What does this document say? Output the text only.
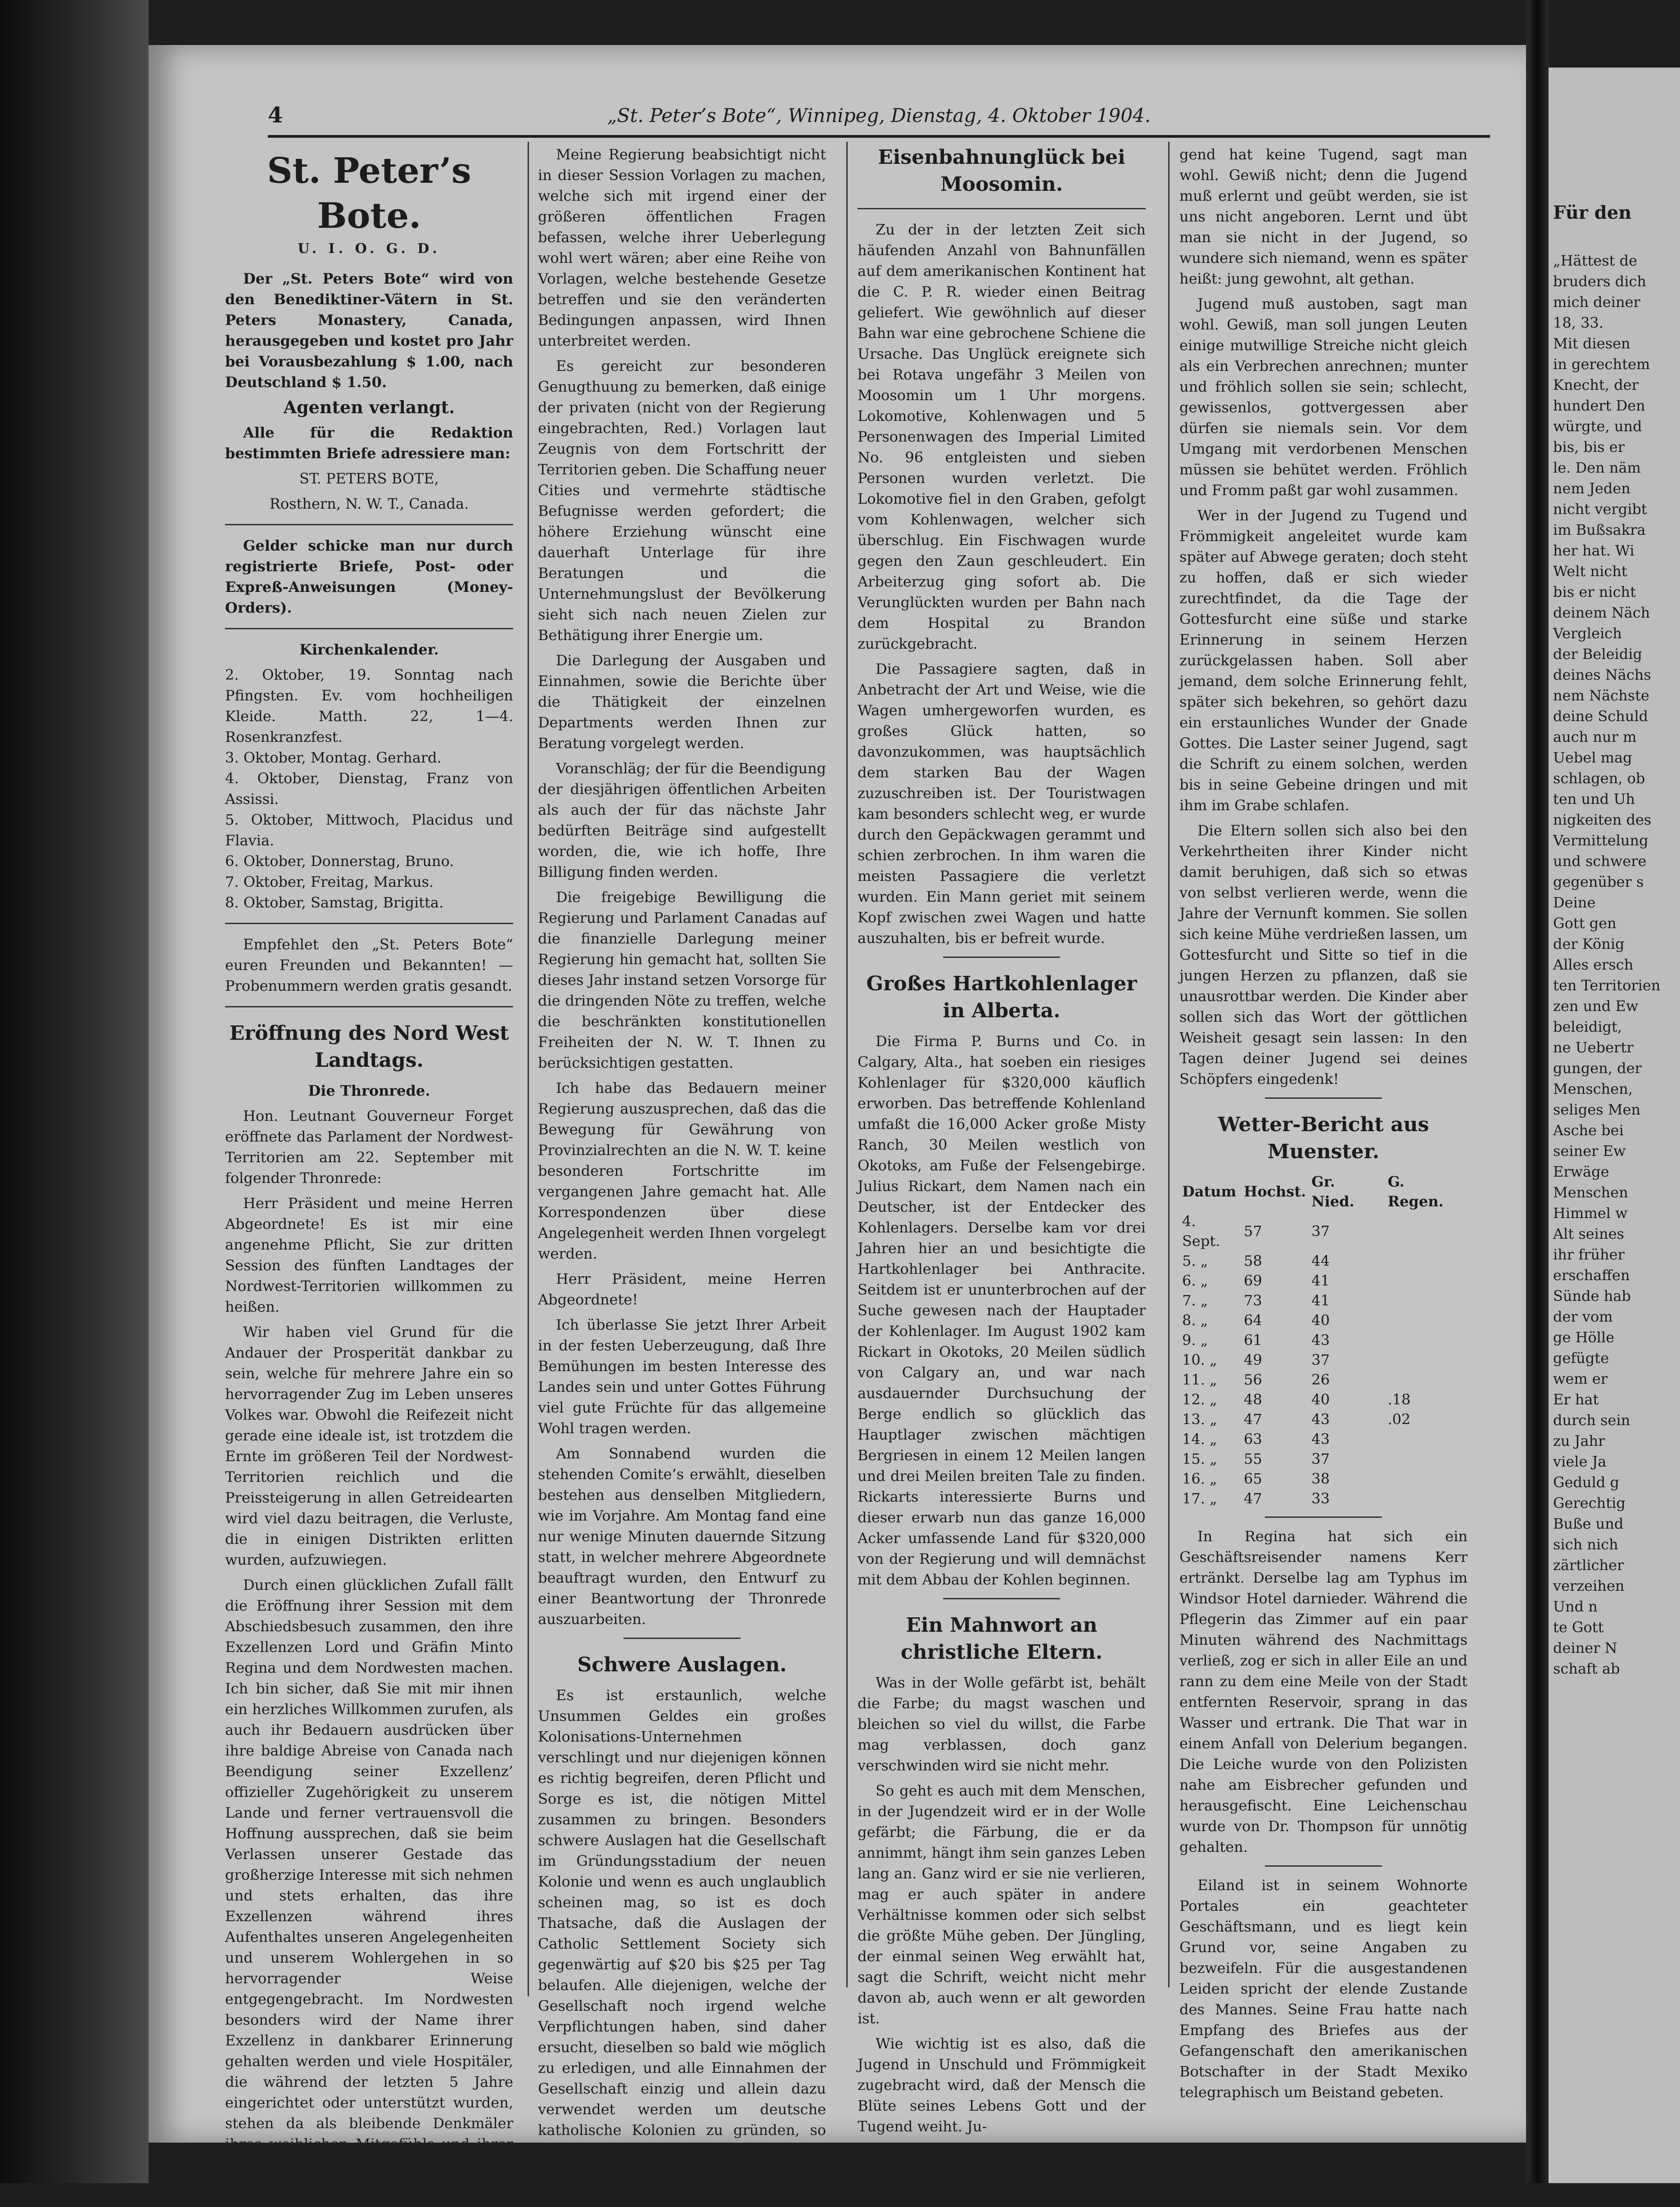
4	„St. Peter’s Bote“, Winnipeg, Dienstag, 4. Oktober 1904.
St. Peter’s Bote.
U. I. O. G. D.

Der „St. Peters Bote“ wird von den Benediktiner-Vätern in St. Peters Monastery, Canada, herausgegeben und kostet pro Jahr bei Vorausbezahlung $ 1.00, nach Deutschland $ 1.50.

Agenten verlangt.

Alle für die Redaktion bestimmten Briefe adressiere man:

ST. PETERS BOTE,

Rosthern, N. W. T., Canada.

Gelder schicke man nur durch registrierte Briefe, Post- oder Expreß-Anweisungen (Money-Orders).

Kirchenkalender.

2. Oktober, 19. Sonntag nach Pfingsten. Ev. vom hochheiligen Kleide. Matth. 22, 1—4. Rosenkranzfest.

3. Oktober, Montag. Gerhard.

4. Oktober, Dienstag, Franz von Assissi.

5. Oktober, Mittwoch, Placidus und Flavia.

6. Oktober, Donnerstag, Bruno.

7. Oktober, Freitag, Markus.

8. Oktober, Samstag, Brigitta.

Empfehlet den „St. Peters Bote“ euren Freunden und Bekannten! — Probenummern werden gratis gesandt.

Eröffnung des Nord West Landtags.
Die Thronrede.

Hon. Leutnant Gouverneur Forget eröffnete das Parlament der Nordwest-Territorien am 22. September mit folgender Thronrede:

Herr Präsident und meine Herren Abgeordnete! Es ist mir eine angenehme Pflicht, Sie zur dritten Session des fünften Landtages der Nordwest-Territorien willkommen zu heißen.

Wir haben viel Grund für die Andauer der Prosperität dankbar zu sein, welche für mehrere Jahre ein so hervorragender Zug im Leben unseres Volkes war. Obwohl die Reifezeit nicht gerade eine ideale ist, ist trotzdem die Ernte im größeren Teil der Nordwest-Territorien reichlich und die Preissteigerung in allen Getreidearten wird viel dazu beitragen, die Verluste, die in einigen Distrikten erlitten wurden, aufzuwiegen.

Durch einen glücklichen Zufall fällt die Eröffnung ihrer Session mit dem Abschiedsbesuch zusammen, den ihre Exzellenzen Lord und Gräfin Minto Regina und dem Nordwesten machen. Ich bin sicher, daß Sie mit mir ihnen ein herzliches Willkommen zurufen, als auch ihr Bedauern ausdrücken über ihre baldige Abreise von Canada nach Beendigung seiner Exzellenz’ offizieller Zugehörigkeit zu unserem Lande und ferner vertrauensvoll die Hoffnung aussprechen, daß sie beim Verlassen unserer Gestade das großherzige Interesse mit sich nehmen und stets erhalten, das ihre Exzellenzen während ihres Aufenthaltes unseren Angelegenheiten und unserem Wohlergehen in so hervorragender Weise entgegengebracht. Im Nordwesten besonders wird der Name ihrer Exzellenz in dankbarer Erinnerung gehalten werden und viele Hospitäler, die während der letzten 5 Jahre eingerichtet oder unterstützt wurden, stehen da als bleibende Denkmäler ihres weiblichen Mitgefühls und ihrer Herzensgüte.

Meine Regierung beabsichtigt nicht in dieser Session Vorlagen zu machen, welche sich mit irgend einer der größeren öffentlichen Fragen befassen, welche ihrer Ueberlegung wohl wert wären; aber eine Reihe von Vorlagen, welche bestehende Gesetze betreffen und sie den veränderten Bedingungen anpassen, wird Ihnen unterbreitet werden.

Es gereicht zur besonderen Genugthuung zu bemerken, daß einige der privaten (nicht von der Regierung eingebrachten, Red.) Vorlagen laut Zeugnis von dem Fortschritt der Territorien geben. Die Schaffung neuer Cities und vermehrte städtische Befugnisse werden gefordert; die höhere Erziehung wünscht eine dauerhaft Unterlage für ihre Beratungen und die Unternehmungslust der Bevölkerung sieht sich nach neuen Zielen zur Bethätigung ihrer Energie um.

Die Darlegung der Ausgaben und Einnahmen, sowie die Berichte über die Thätigkeit der einzelnen Departments werden Ihnen zur Beratung vorgelegt werden.

Voranschläg; der für die Beendigung der diesjährigen öffentlichen Arbeiten als auch der für das nächste Jahr bedürften Beiträge sind aufgestellt worden, die, wie ich hoffe, Ihre Billigung finden werden.

Die freigebige Bewilligung die Regierung und Parlament Canadas auf die finanzielle Darlegung meiner Regierung hin gemacht hat, sollten Sie dieses Jahr instand setzen Vorsorge für die dringenden Nöte zu treffen, welche die beschränkten konstitutionellen Freiheiten der N. W. T. Ihnen zu berücksichtigen gestatten.

Ich habe das Bedauern meiner Regierung auszusprechen, daß das die Bewegung für Gewährung von Provinzialrechten an die N. W. T. keine besonderen Fortschritte im vergangenen Jahre gemacht hat. Alle Korrespondenzen über diese Angelegenheit werden Ihnen vorgelegt werden.

Herr Präsident, meine Herren Abgeordnete!

Ich überlasse Sie jetzt Ihrer Arbeit in der festen Ueberzeugung, daß Ihre Bemühungen im besten Interesse des Landes sein und unter Gottes Führung viel gute Früchte für das allgemeine Wohl tragen werden.

Am Sonnabend wurden die stehenden Comite’s erwählt, dieselben bestehen aus denselben Mitgliedern, wie im Vorjahre. Am Montag fand eine nur wenige Minuten dauernde Sitzung statt, in welcher mehrere Abgeordnete beauftragt wurden, den Entwurf zu einer Beantwortung der Thronrede auszuarbeiten.

Schwere Auslagen.

Es ist erstaunlich, welche Unsummen Geldes ein großes Kolonisations-Unternehmen verschlingt und nur diejenigen können es richtig begreifen, deren Pflicht und Sorge es ist, die nötigen Mittel zusammen zu bringen. Besonders schwere Auslagen hat die Gesellschaft im Gründungsstadium der neuen Kolonie und wenn es auch unglaublich scheinen mag, so ist es doch Thatsache, daß die Auslagen der Catholic Settlement Society sich gegenwärtig auf $20 bis $25 per Tag belaufen. Alle diejenigen, welche der Gesellschaft noch irgend welche Verpflichtungen haben, sind daher ersucht, dieselben so bald wie möglich zu erledigen, und alle Einnahmen der Gesellschaft einzig und allein dazu verwendet werden um deutsche katholische Kolonien zu gründen, so steht auch wohl zu erwarten, daß ein jeder seinen Verpflichtungen gewissenhaft nachkommen wird.

Eisenbahnunglück bei Moosomin.

Zu der in der letzten Zeit sich häufenden Anzahl von Bahnunfällen auf dem amerikanischen Kontinent hat die C. P. R. wieder einen Beitrag geliefert. Wie gewöhnlich auf dieser Bahn war eine gebrochene Schiene die Ursache. Das Unglück ereignete sich bei Rotava ungefähr 3 Meilen von Moosomin um 1 Uhr morgens. Lokomotive, Kohlenwagen und 5 Personenwagen des Imperial Limited No. 96 entgleisten und sieben Personen wurden verletzt. Die Lokomotive fiel in den Graben, gefolgt vom Kohlenwagen, welcher sich überschlug. Ein Fischwagen wurde gegen den Zaun geschleudert. Ein Arbeiterzug ging sofort ab. Die Verunglückten wurden per Bahn nach dem Hospital zu Brandon zurückgebracht.

Die Passagiere sagten, daß in Anbetracht der Art und Weise, wie die Wagen umhergeworfen wurden, es großes Glück hatten, so davonzukommen, was hauptsächlich dem starken Bau der Wagen zuzuschreiben ist. Der Touristwagen kam besonders schlecht weg, er wurde durch den Gepäckwagen gerammt und schien zerbrochen. In ihm waren die meisten Passagiere die verletzt wurden. Ein Mann geriet mit seinem Kopf zwischen zwei Wagen und hatte auszuhalten, bis er befreit wurde.

Großes Hartkohlenlager in Alberta.

Die Firma P. Burns und Co. in Calgary, Alta., hat soeben ein riesiges Kohlenlager für $320,000 käuflich erworben. Das betreffende Kohlenland umfaßt die 16,000 Acker große Misty Ranch, 30 Meilen westlich von Okotoks, am Fuße der Felsengebirge. Julius Rickart, dem Namen nach ein Deutscher, ist der Entdecker des Kohlenlagers. Derselbe kam vor drei Jahren hier an und besichtigte die Hartkohlenlager bei Anthracite. Seitdem ist er ununterbrochen auf der Suche gewesen nach der Hauptader der Kohlenlager. Im August 1902 kam Rickart in Okotoks, 20 Meilen südlich von Calgary an, und war nach ausdauernder Durchsuchung der Berge endlich so glücklich das Hauptlager zwischen mächtigen Bergriesen in einem 12 Meilen langen und drei Meilen breiten Tale zu finden. Rickarts interessierte Burns und dieser erwarb nun das ganze 16,000 Acker umfassende Land für $320,000 von der Regierung und will demnächst mit dem Abbau der Kohlen beginnen.

Ein Mahnwort an christliche Eltern.

Was in der Wolle gefärbt ist, behält die Farbe; du magst waschen und bleichen so viel du willst, die Farbe mag verblassen, doch ganz verschwinden wird sie nicht mehr.

So geht es auch mit dem Menschen, in der Jugendzeit wird er in der Wolle gefärbt; die Färbung, die er da annimmt, hängt ihm sein ganzes Leben lang an. Ganz wird er sie nie verlieren, mag er auch später in andere Verhältnisse kommen oder sich selbst die größte Mühe geben. Der Jüngling, der einmal seinen Weg erwählt hat, sagt die Schrift, weicht nicht mehr davon ab, auch wenn er alt geworden ist.

Wie wichtig ist es also, daß die Jugend in Unschuld und Frömmigkeit zugebracht wird, daß der Mensch die Blüte seines Lebens Gott und der Tugend weiht. Ju-

gend hat keine Tugend, sagt man wohl. Gewiß nicht; denn die Jugend muß erlernt und geübt werden, sie ist uns nicht angeboren. Lernt und übt man sie nicht in der Jugend, so wundere sich niemand, wenn es später heißt: jung gewohnt, alt gethan.

Jugend muß austoben, sagt man wohl. Gewiß, man soll jungen Leuten einige mutwillige Streiche nicht gleich als ein Verbrechen anrechnen; munter und fröhlich sollen sie sein; schlecht, gewissenlos, gottvergessen aber dürfen sie niemals sein. Vor dem Umgang mit verdorbenen Menschen müssen sie behütet werden. Fröhlich und Fromm paßt gar wohl zusammen.

Wer in der Jugend zu Tugend und Frömmigkeit angeleitet wurde kam später auf Abwege geraten; doch steht zu hoffen, daß er sich wieder zurechtfindet, da die Tage der Gottesfurcht eine süße und starke Erinnerung in seinem Herzen zurückgelassen haben. Soll aber jemand, dem solche Erinnerung fehlt, später sich bekehren, so gehört dazu ein erstaunliches Wunder der Gnade Gottes. Die Laster seiner Jugend, sagt die Schrift zu einem solchen, werden bis in seine Gebeine dringen und mit ihm im Grabe schlafen.

Die Eltern sollen sich also bei den Verkehrtheiten ihrer Kinder nicht damit beruhigen, daß sich so etwas von selbst verlieren werde, wenn die Jahre der Vernunft kommen. Sie sollen sich keine Mühe verdrießen lassen, um Gottesfurcht und Sitte so tief in die jungen Herzen zu pflanzen, daß sie unausrottbar werden. Die Kinder aber sollen sich das Wort der göttlichen Weisheit gesagt sein lassen: In den Tagen deiner Jugend sei deines Schöpfers eingedenk!

Wetter-Bericht aus Muenster.
Datum	Hochst.	Gr. Nied.	G. Regen.
4. Sept.	57	37	
5. „	58	44	
6. „	69	41	
7. „	73	41	
8. „	64	40	
9. „	61	43	
10. „	49	37	
11. „	56	26	
12. „	48	40	.18
13. „	47	43	.02
14. „	63	43	
15. „	55	37	
16. „	65	38	
17. „	47	33	

In Regina hat sich ein Geschäftsreisender namens Kerr ertränkt. Derselbe lag am Typhus im Windsor Hotel darnieder. Während die Pflegerin das Zimmer auf ein paar Minuten während des Nachmittags verließ, zog er sich in aller Eile an und rann zu dem eine Meile von der Stadt entfernten Reservoir, sprang in das Wasser und ertrank. Die That war in einem Anfall von Delerium begangen. Die Leiche wurde von den Polizisten nahe am Eisbrecher gefunden und herausgefischt. Eine Leichenschau wurde von Dr. Thompson für unnötig gehalten.

Eiland ist in seinem Wohnorte Portales ein geachteter Geschäftsmann, und es liegt kein Grund vor, seine Angaben zu bezweifeln. Für die ausgestandenen Leiden spricht der elende Zustande des Mannes. Seine Frau hatte nach Empfang des Briefes aus der Gefangenschaft den amerikanischen Botschafter in der Stadt Mexiko telegraphisch um Beistand gebeten.

Für den
„Hättest de
bruders dich
mich deiner
18, 33.
Mit diesen
in gerechtem
Knecht, der
hundert Den
würgte, und
bis, bis er
le. Den näm
nem Jeden
nicht vergibt
im Bußsakra
her hat. Wi
Welt nicht
bis er nicht
deinem Näch
Vergleich
der Beleidig
deines Nächs
nem Nächste
deine Schuld
auch nur m
Uebel mag
schlagen, ob
ten und Uh
nigkeiten des
Vermittelung
und schwere
gegenüber s
Deine
Gott gen
der König
Alles ersch
ten Territorien
zen und Ew
beleidigt,
ne Uebertr
gungen, der
Menschen,
seliges Men
Asche bei
seiner Ew
Erwäge
Menschen
Himmel w
Alt seines
ihr früher
erschaffen
Sünde hab
der vom
ge Hölle
gefügte
wem er
Er hat
durch sein
zu Jahr
viele Ja
Geduld g
Gerechtig
Buße und
sich nich
zärtlicher
verzeihen
Und n
te Gott
deiner N
schaft ab
